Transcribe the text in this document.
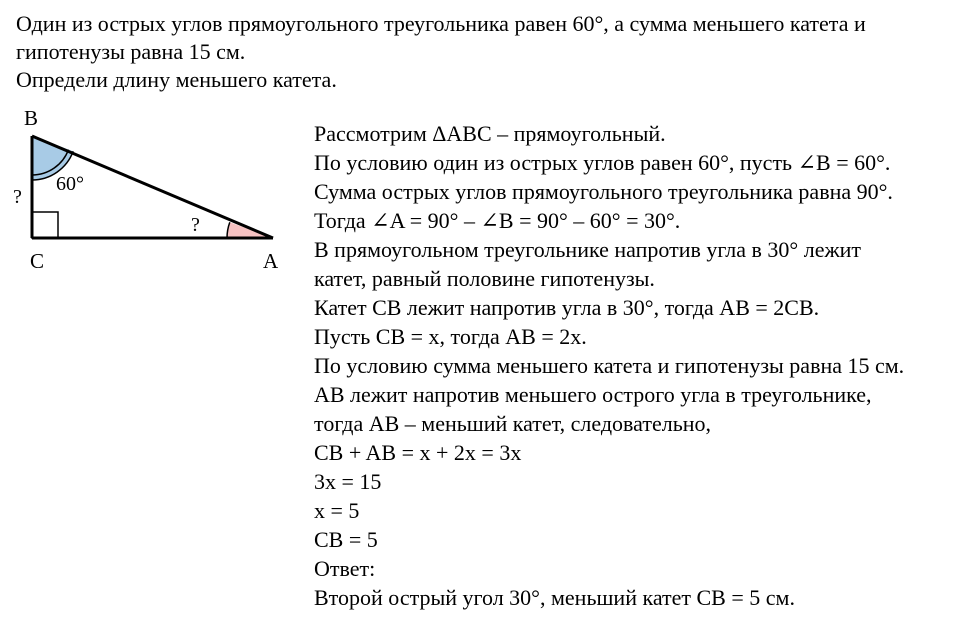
Один из острых углов прямоугольного треугольника равен 60°, а сумма меньшего катета и

гипотенузы равна 15 см.

Определи длину меньшего катета.

B
C	A
60°
?
?
Рассмотрим ΔABC – прямоугольный.
По условию один из острых углов равен 60°, пусть ∠B = 60°.
Сумма острых углов прямоугольного треугольника равна 90°.
Тогда ∠A = 90° – ∠B = 90° – 60° = 30°.
В прямоугольном треугольнике напротив угла в 30° лежит
катет, равный половине гипотенузы.
Катет CB лежит напротив угла в 30°, тогда AB = 2CB.
Пусть CB = x, тогда AB = 2x.
По условию сумма меньшего катета и гипотенузы равна 15 см.
AB лежит напротив меньшего острого угла в треугольнике,
тогда AB – меньший катет, следовательно,
CB + AB = x + 2x = 3x
3x = 15
x = 5
CB = 5
Ответ:
Второй острый угол 30°, меньший катет CB = 5 см.
